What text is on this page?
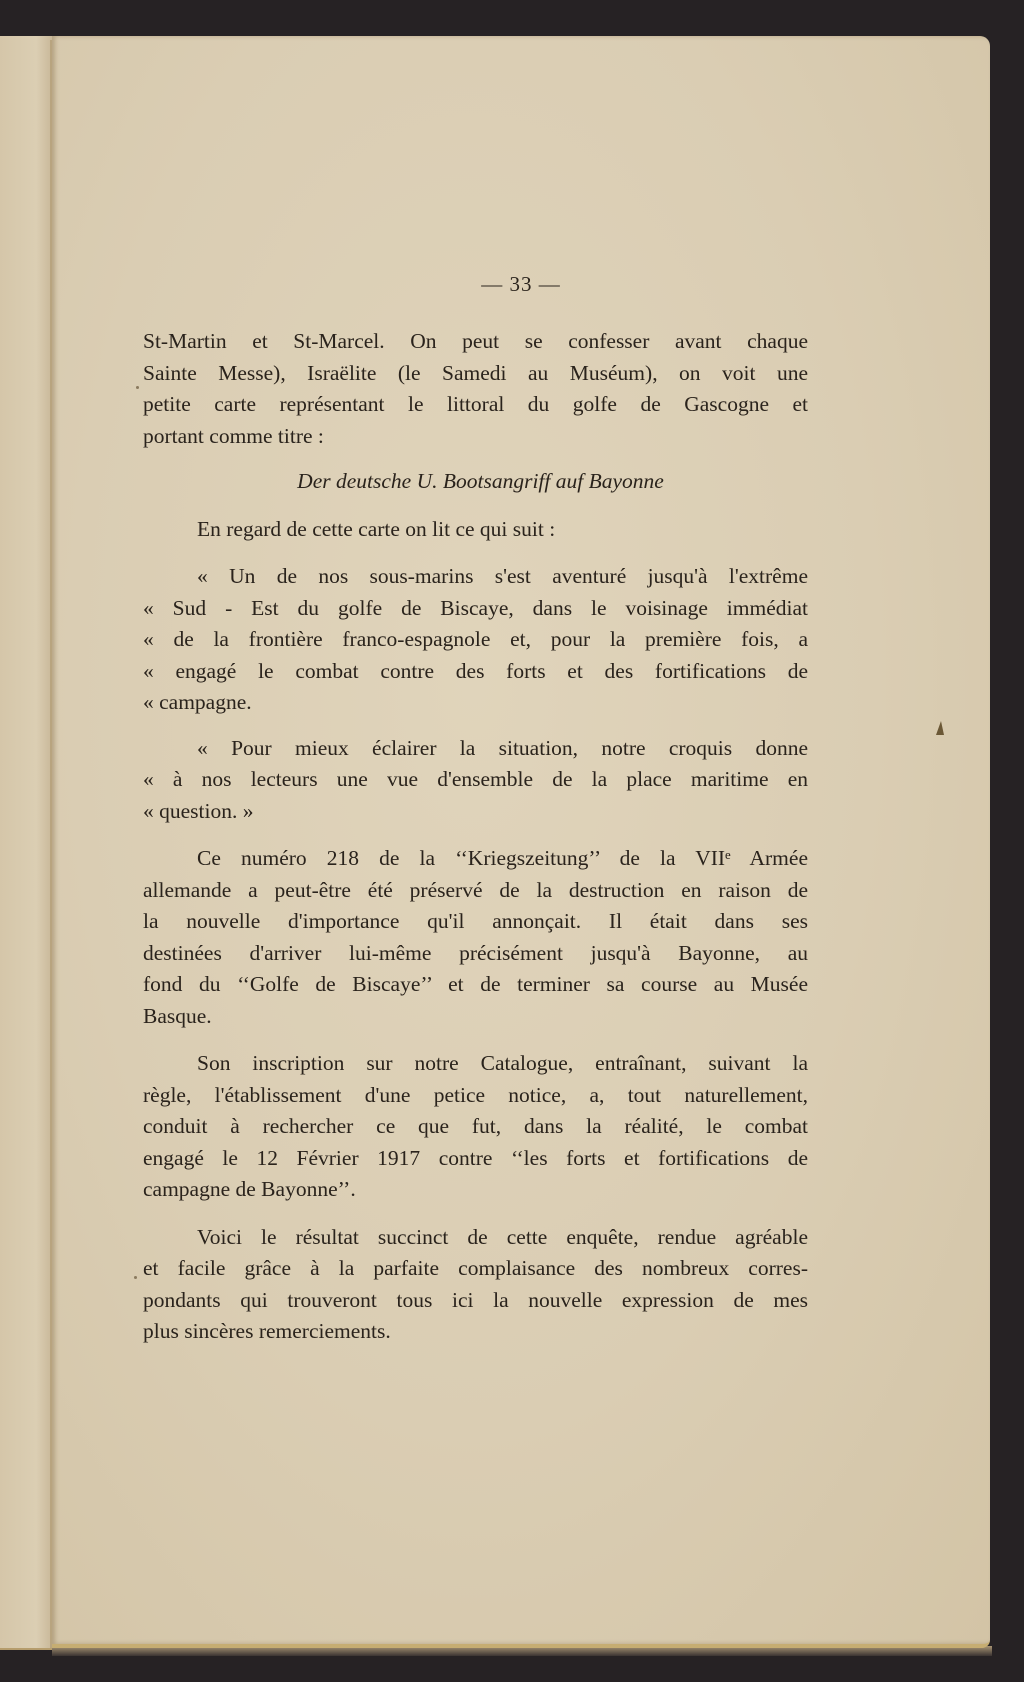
— 33 —

St-Martin et St-Marcel. On peut se confesser avant chaque
Sainte Messe), Israëlite (le Samedi au Muséum), on voit une
petite carte représentant le littoral du golfe de Gascogne et
portant comme titre :

Der deutsche U. Bootsangriff auf Bayonne

En regard de cette carte on lit ce qui suit :

« Un de nos sous-marins s'est aventuré jusqu'à l'extrême
« Sud - Est du golfe de Biscaye, dans le voisinage immédiat
« de la frontière franco-espagnole et, pour la première fois, a
« engagé le combat contre des forts et des fortifications de
« campagne.

« Pour mieux éclairer la situation, notre croquis donne
« à nos lecteurs une vue d'ensemble de la place maritime en
« question. »

Ce numéro 218 de la ‘‘Kriegszeitung’’ de la VIIᵉ Armée
allemande a peut-être été préservé de la destruction en raison de
la nouvelle d'importance qu'il annonçait. Il était dans ses
destinées d'arriver lui-même précisément jusqu'à Bayonne, au
fond du ‘‘Golfe de Biscaye’’ et de terminer sa course au Musée
Basque.

Son inscription sur notre Catalogue, entraînant, suivant la
règle, l'établissement d'une petice notice, a, tout naturellement,
conduit à rechercher ce que fut, dans la réalité, le combat
engagé le 12 Février 1917 contre ‘‘les forts et fortifications de
campagne de Bayonne’’.

Voici le résultat succinct de cette enquête, rendue agréable
et facile grâce à la parfaite complaisance des nombreux corres-
pondants qui trouveront tous ici la nouvelle expression de mes
plus sincères remerciements.
